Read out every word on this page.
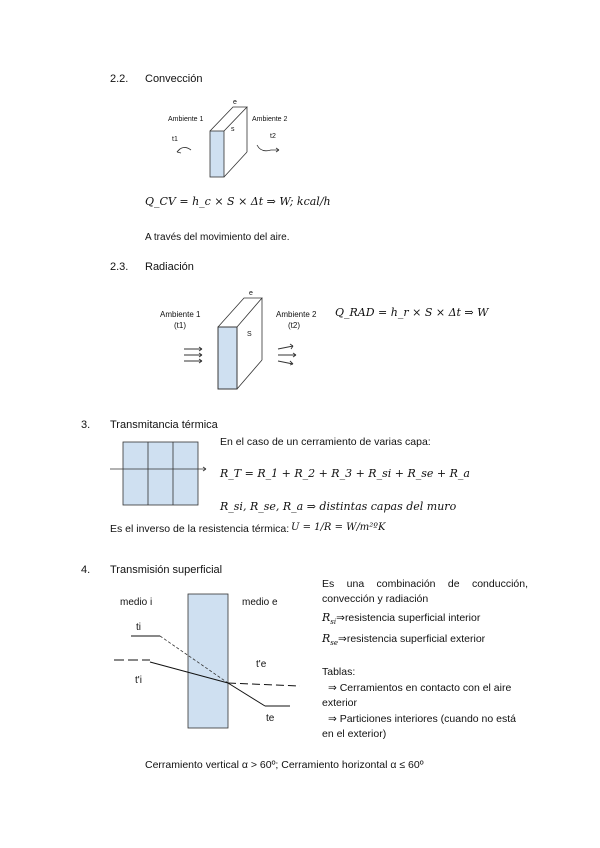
2.2. Convección
Ambiente 1	Ambiente 2
t1	t2
e
s
Q_CV = h_c × S × Δt ⇒ W; kcal/h
A través del movimiento del aire.
2.3. Radiación
Ambiente 1
(t1)
Ambiente 2
(t2)
e
S
Q_RAD = h_r × S × Δt ⇒ W
3. Transmitancia térmica
En el caso de un cerramiento de varias capa:
R_T = R_1 + R_2 + R_3 + R_si + R_se + R_a
R_si, R_se, R_a ⇒ distintas capas del muro
Es el inverso de la resistencia térmica: U = 1/R = W/m²ºK
4. Transmisión superficial
medio i	medio e
ti
t'i
t'e
te
Es una combinación de conducción,
convección y radiación
$R_{si}\Rightarrow resistencia$ superficial interior
$R_{se}\Rightarrow resistencia$ superficial exterior
Tablas:
⇒ Cerramientos en contacto con el aire
exterior
⇒ Particiones interiores (cuando no está
en el exterior)
Cerramiento vertical α > 60º; Cerramiento horizontal α ≤ 60º
